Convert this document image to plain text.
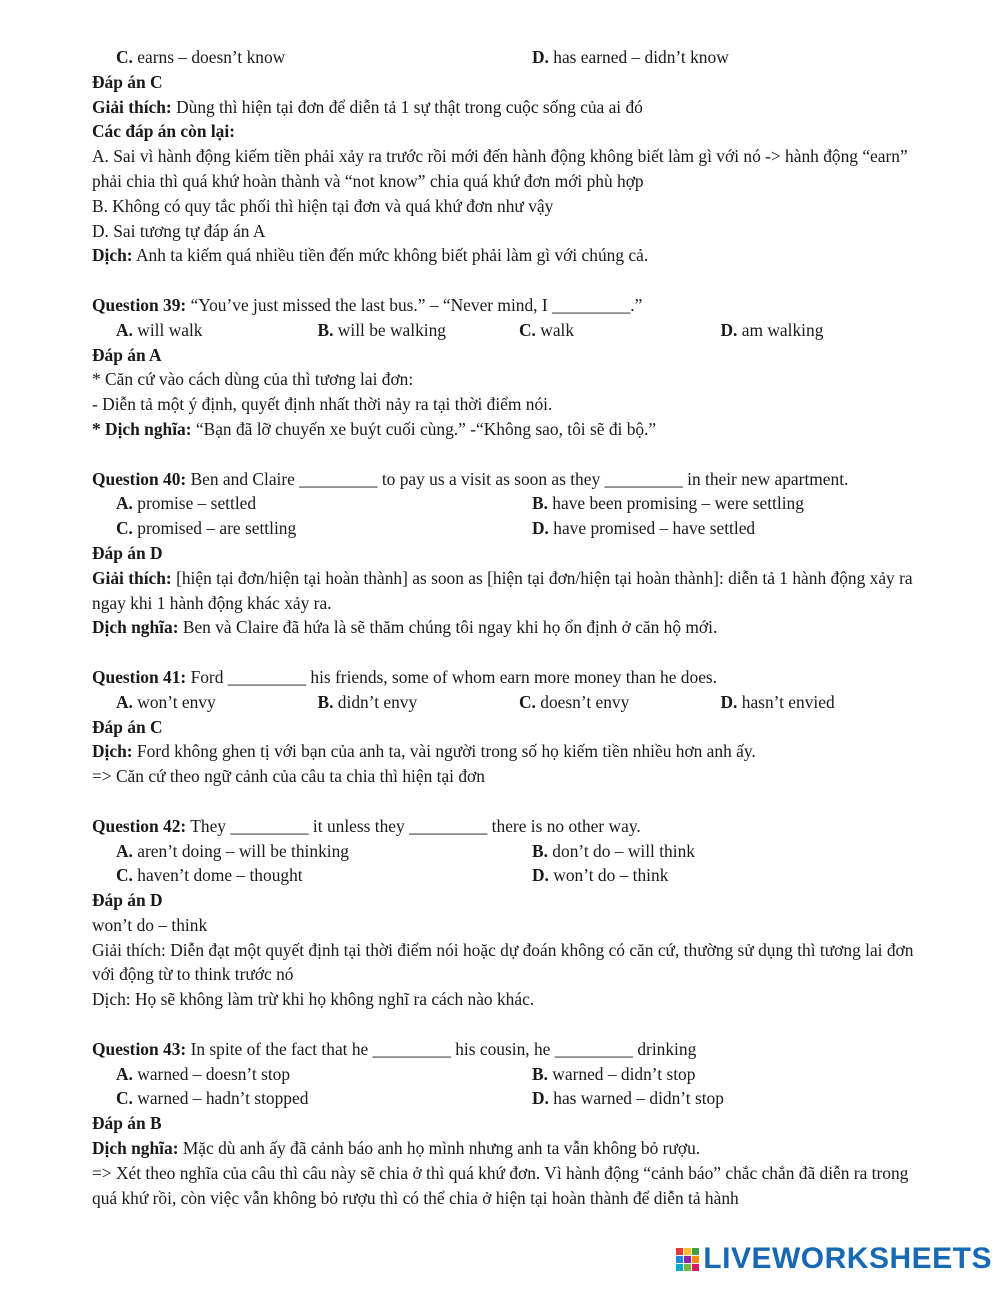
C. earns – doesn’t know	D. has earned – didn’t know
Đáp án C
Giải thích: Dùng thì hiện tại đơn để diễn tả 1 sự thật trong cuộc sống của ai đó
Các đáp án còn lại:
A. Sai vì hành động kiếm tiền phải xảy ra trước rồi mới đến hành động không biết làm gì với nó -> hành động “earn” phải chia thì quá khứ hoàn thành và “not know” chia quá khứ đơn mới phù hợp
B. Không có quy tắc phối thì hiện tại đơn và quá khứ đơn như vậy
D. Sai tương tự đáp án A
Dịch: Anh ta kiếm quá nhiều tiền đến mức không biết phải làm gì với chúng cả.
Question 39: “You’ve just missed the last bus.” – “Never mind, I _________.”
A. will walk	B. will be walking	C. walk	D. am walking
Đáp án A
* Căn cứ vào cách dùng của thì tương lai đơn:
- Diễn tả một ý định, quyết định nhất thời nảy ra tại thời điểm nói.
* Dịch nghĩa: “Bạn đã lỡ chuyến xe buýt cuối cùng.” -“Không sao, tôi sẽ đi bộ.”
Question 40: Ben and Claire _________ to pay us a visit as soon as they _________ in their new apartment.
A. promise – settled	B. have been promising – were settling
C. promised – are settling	D. have promised – have settled
Đáp án D
Giải thích: [hiện tại đơn/hiện tại hoàn thành] as soon as [hiện tại đơn/hiện tại hoàn thành]: diễn tả 1 hành động xảy ra ngay khi 1 hành động khác xảy ra.
Dịch nghĩa: Ben và Claire đã hứa là sẽ thăm chúng tôi ngay khi họ ổn định ở căn hộ mới.
Question 41: Ford _________ his friends, some of whom earn more money than he does.
A. won’t envy	B. didn’t envy	C. doesn’t envy	D. hasn’t envied
Đáp án C
Dịch: Ford không ghen tị với bạn của anh ta, vài người trong số họ kiếm tiền nhiều hơn anh ấy.
=> Căn cứ theo ngữ cảnh của câu ta chia thì hiện tại đơn
Question 42: They _________ it unless they _________ there is no other way.
A. aren’t doing – will be thinking	B. don’t do – will think
C. haven’t dome – thought	D. won’t do – think
Đáp án D
won’t do – think
Giải thích: Diễn đạt một quyết định tại thời điểm nói hoặc dự đoán không có căn cứ, thường sử dụng thì tương lai đơn với động từ to think trước nó
Dịch: Họ sẽ không làm trừ khi họ không nghĩ ra cách nào khác.
Question 43: In spite of the fact that he _________ his cousin, he _________ drinking
A. warned – doesn’t stop	B. warned – didn’t stop
C. warned – hadn’t stopped	D. has warned – didn’t stop
Đáp án B
Dịch nghĩa: Mặc dù anh ấy đã cảnh báo anh họ mình nhưng anh ta vẫn không bỏ rượu.
=> Xét theo nghĩa của câu thì câu này sẽ chia ở thì quá khứ đơn. Vì hành động “cảnh báo” chắc chắn đã diễn ra trong quá khứ rồi, còn việc vẫn không bỏ rượu thì có thể chia ở hiện tại hoàn thành để diễn tả hành
LIVEWORKSHEETS
